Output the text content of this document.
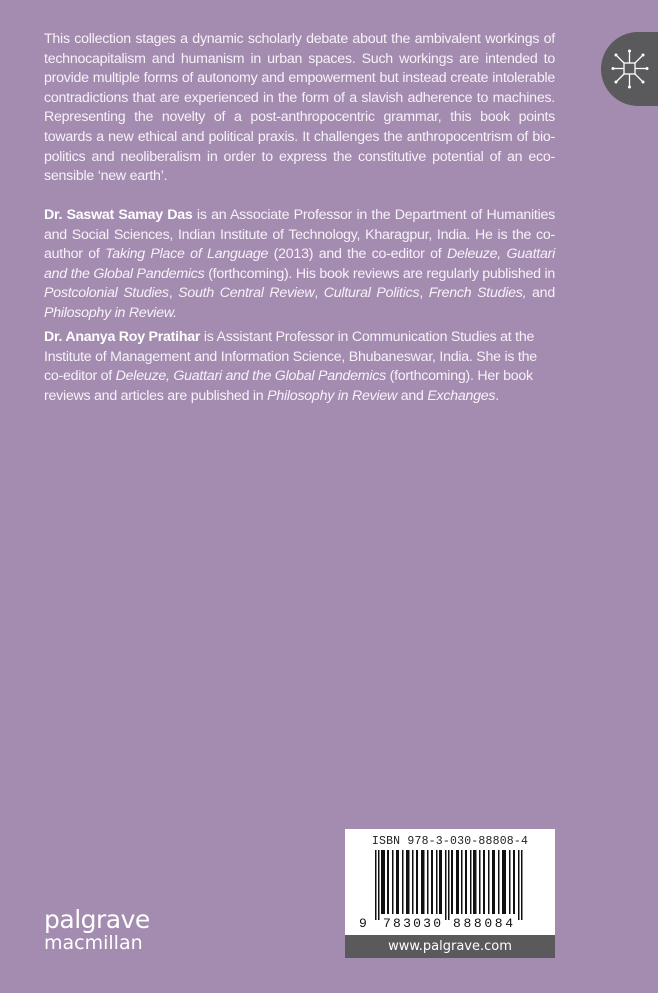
This collection stages a dynamic scholarly debate about the ambivalent workings of technocapitalism and humanism in urban spaces. Such workings are intended to provide multiple forms of autonomy and empowerment but instead create intolerable contradictions that are experienced in the form of a slavish adherence to machines. Representing the novelty of a post-anthropocentric grammar, this book points towards a new ethical and political praxis. It challenges the anthropocentrism of bio-politics and neoliberalism in order to express the constitutive potential of an eco-sensible ‘new earth’.

Dr. Saswat Samay Das is an Associate Professor in the Department of Humanities and Social Sciences, Indian Institute of Technology, Kharagpur, India. He is the co-author of Taking Place of Language (2013) and the co-editor of Deleuze, Guattari and the Global Pandemics (forthcoming). His book reviews are regularly published in Postcolonial Studies, South Central Review, Cultural Politics, French Studies, and Philosophy in Review.

Dr. Ananya Roy Pratihar is Assistant Professor in Communication Studies at the Institute of Management and Information Science, Bhubaneswar, India. She is the co-editor of Deleuze, Guattari and the Global Pandemics (forthcoming). Her book reviews and articles are published in Philosophy in Review and Exchanges.

ISBN 978-3-030-88808-4
9 783030 888084
www.palgrave.com
palgrave
macmillan
